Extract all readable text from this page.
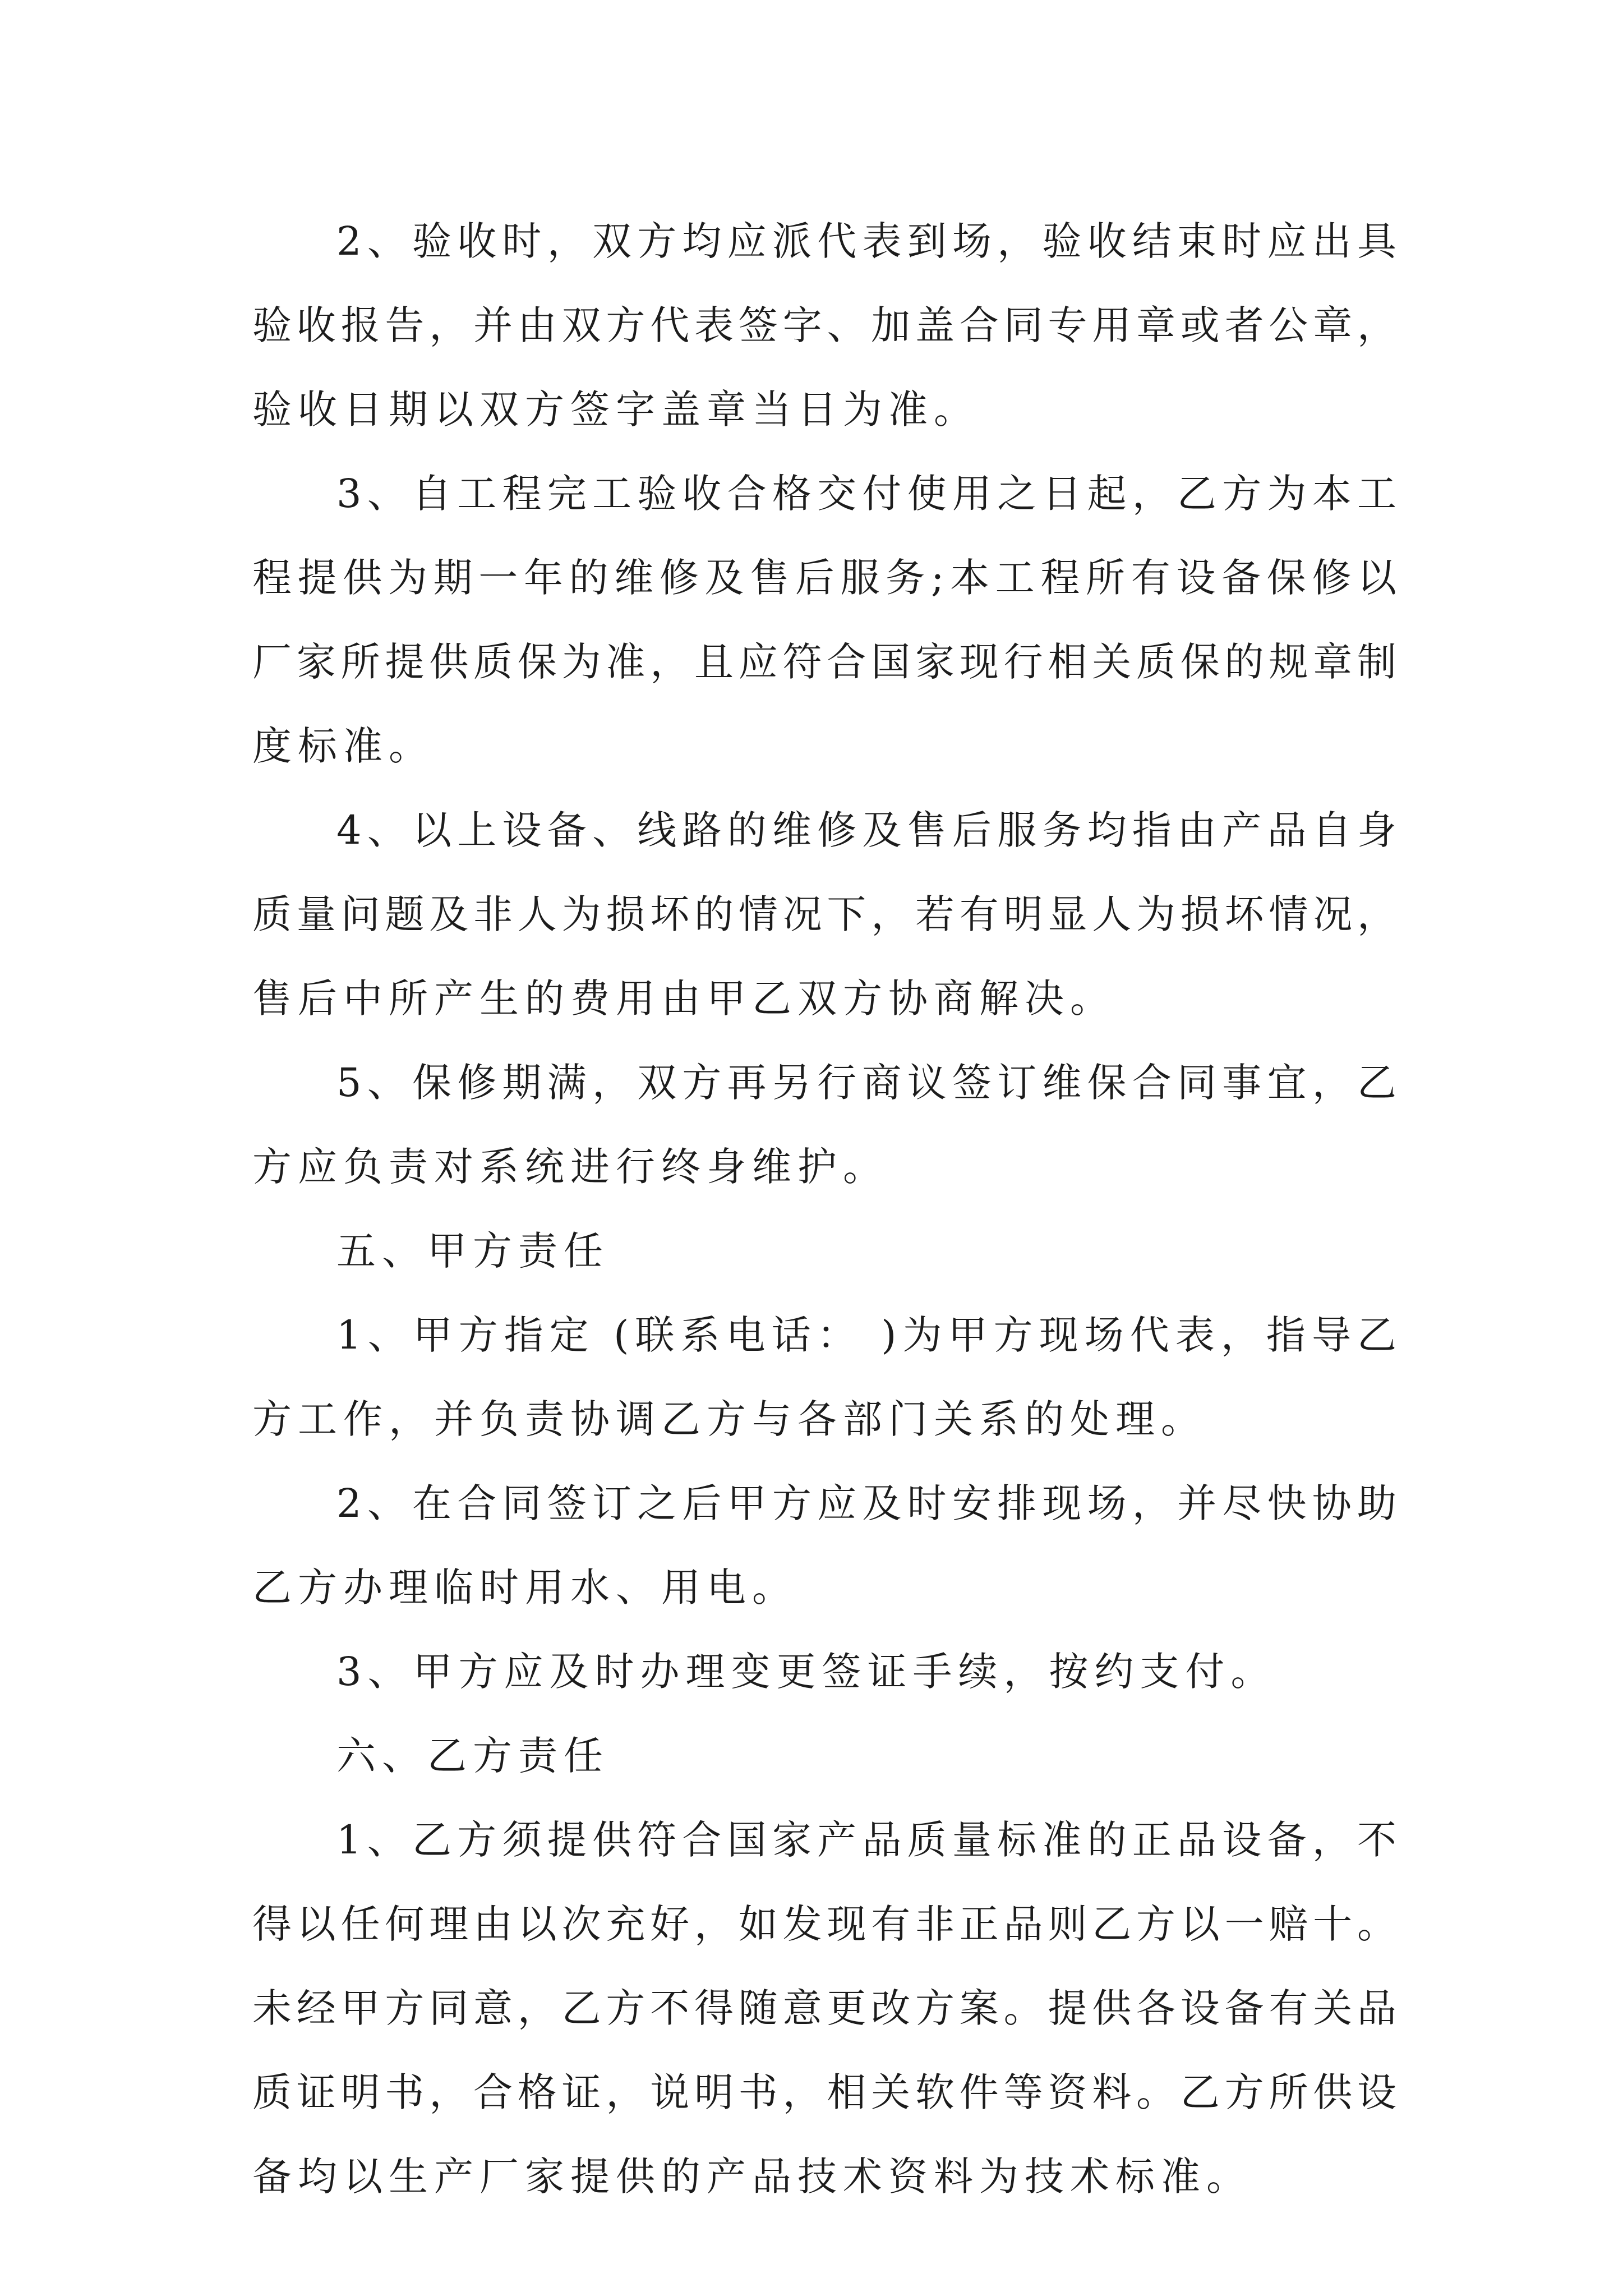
2、验收时，双方均应派代表到场，验收结束时应出具
验收报告，并由双方代表签字、加盖合同专用章或者公章，
验收日期以双方签字盖章当日为准。
3、自工程完工验收合格交付使用之日起，乙方为本工
程提供为期一年的维修及售后服务;本工程所有设备保修以
厂家所提供质保为准，且应符合国家现行相关质保的规章制
度标准。
4、以上设备、线路的维修及售后服务均指由产品自身
质量问题及非人为损坏的情况下，若有明显人为损坏情况，
售后中所产生的费用由甲乙双方协商解决。
5、保修期满，双方再另行商议签订维保合同事宜，乙
方应负责对系统进行终身维护。
五、甲方责任
1、甲方指定 (联系电话： )为甲方现场代表，指导乙
方工作，并负责协调乙方与各部门关系的处理。
2、在合同签订之后甲方应及时安排现场，并尽快协助
乙方办理临时用水、用电。
3、甲方应及时办理变更签证手续，按约支付。
六、乙方责任
1、乙方须提供符合国家产品质量标准的正品设备，不
得以任何理由以次充好，如发现有非正品则乙方以一赔十。
未经甲方同意，乙方不得随意更改方案。提供各设备有关品
质证明书，合格证，说明书，相关软件等资料。乙方所供设
备均以生产厂家提供的产品技术资料为技术标准。
